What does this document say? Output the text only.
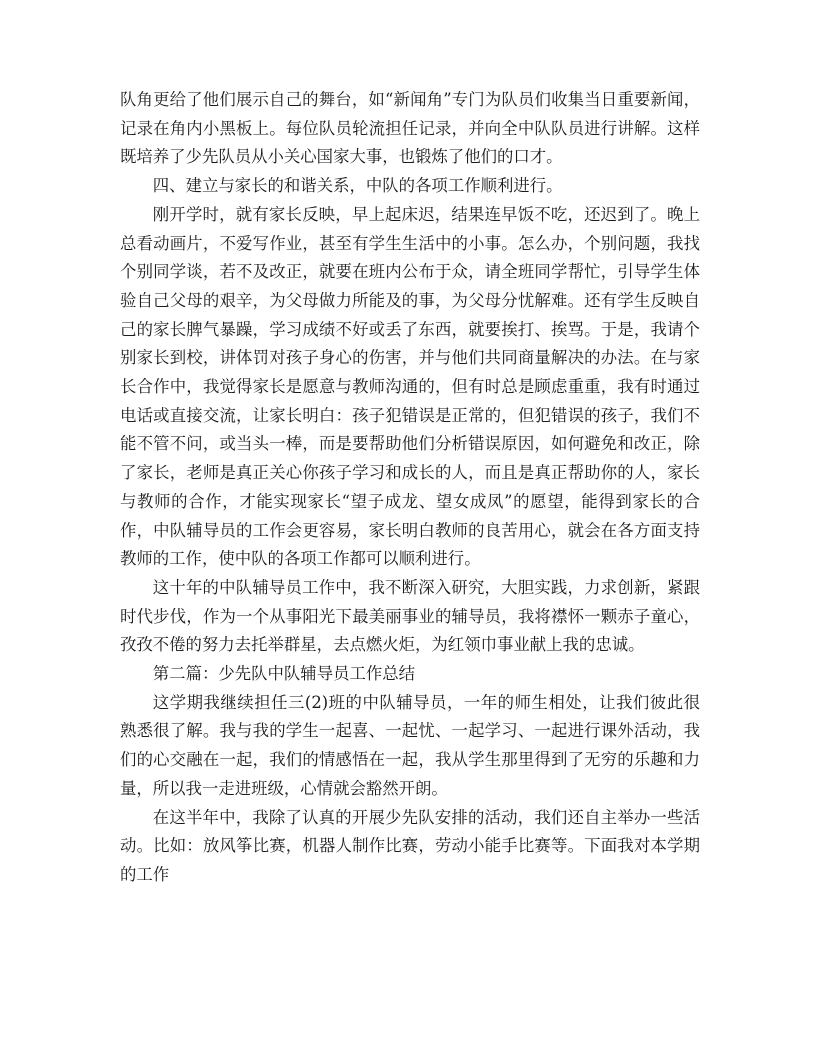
队角更给了他们展示自己的舞台，如“新闻角”专门为队员们收集当日重要新闻，记录在角内小黑板上。每位队员轮流担任记录，并向全中队队员进行讲解。这样既培养了少先队员从小关心国家大事，也锻炼了他们的口才。

四、建立与家长的和谐关系，中队的各项工作顺利进行。

刚开学时，就有家长反映，早上起床迟，结果连早饭不吃，还迟到了。晚上总看动画片，不爱写作业，甚至有学生生活中的小事。怎么办，个别问题，我找个别同学谈，若不及改正，就要在班内公布于众，请全班同学帮忙，引导学生体验自己父母的艰辛，为父母做力所能及的事，为父母分忧解难。还有学生反映自己的家长脾气暴躁，学习成绩不好或丢了东西，就要挨打、挨骂。于是，我请个别家长到校，讲体罚对孩子身心的伤害，并与他们共同商量解决的办法。在与家长合作中，我觉得家长是愿意与教师沟通的，但有时总是顾虑重重，我有时通过电话或直接交流，让家长明白：孩子犯错误是正常的，但犯错误的孩子，我们不能不管不问，或当头一棒，而是要帮助他们分析错误原因，如何避免和改正，除了家长，老师是真正关心你孩子学习和成长的人，而且是真正帮助你的人，家长与教师的合作，才能实现家长“望子成龙、望女成凤”的愿望，能得到家长的合作，中队辅导员的工作会更容易，家长明白教师的良苦用心，就会在各方面支持教师的工作，使中队的各项工作都可以顺利进行。

这十年的中队辅导员工作中，我不断深入研究，大胆实践，力求创新，紧跟时代步伐，作为一个从事阳光下最美丽事业的辅导员，我将襟怀一颗赤子童心，孜孜不倦的努力去托举群星，去点燃火炬，为红领巾事业献上我的忠诚。

第二篇：少先队中队辅导员工作总结

这学期我继续担任三(2)班的中队辅导员，一年的师生相处，让我们彼此很熟悉很了解。我与我的学生一起喜、一起忧、一起学习、一起进行课外活动，我们的心交融在一起，我们的情感悟在一起，我从学生那里得到了无穷的乐趣和力量，所以我一走进班级，心情就会豁然开朗。

在这半年中，我除了认真的开展少先队安排的活动，我们还自主举办一些活动。比如：放风筝比赛，机器人制作比赛，劳动小能手比赛等。下面我对本学期的工作
